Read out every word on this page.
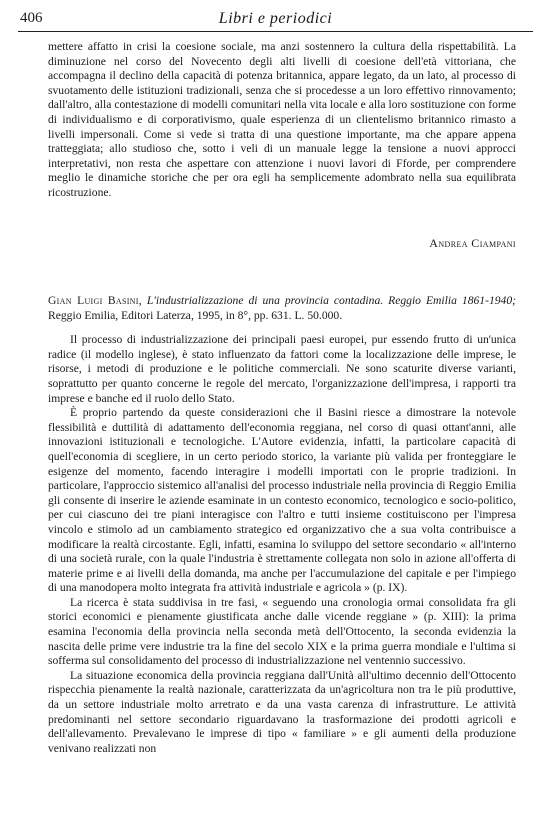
406	Libri e periodici

mettere affatto in crisi la coesione sociale, ma anzi sostennero la cultura della rispettabilità. La diminuzione nel corso del Novecento degli alti livelli di coesione dell'età vittoriana, che accompagna il declino della capacità di potenza britannica, appare legato, da un lato, al processo di svuotamento delle istituzioni tradizionali, senza che si procedesse a un loro effettivo rinnovamento; dall'altro, alla contestazione di modelli comunitari nella vita locale e alla loro sostituzione con forme di individualismo e di corporativismo, quale esperienza di un clientelismo britannico rimasto a livelli impersonali. Come si vede si tratta di una questione importante, ma che appare appena tratteggiata; allo studioso che, sotto i veli di un manuale legge la tensione a nuovi approcci interpretativi, non resta che aspettare con attenzione i nuovi lavori di Fforde, per comprendere meglio le dinamiche storiche che per ora egli ha semplicemente adombrato nella sua equilibrata ricostruzione.

Andrea Ciampani

Gian Luigi Basini, L'industrializzazione di una provincia contadina. Reggio Emilia 1861-1940; Reggio Emilia, Editori Laterza, 1995, in 8°, pp. 631. L. 50.000.

Il processo di industrializzazione dei principali paesi europei, pur essendo frutto di un'unica radice (il modello inglese), è stato influenzato da fattori come la localizzazione delle imprese, le risorse, i metodi di produzione e le politiche commerciali. Ne sono scaturite diverse varianti, soprattutto per quanto concerne le regole del mercato, l'organizzazione dell'impresa, i rapporti tra imprese e banche ed il ruolo dello Stato.

È proprio partendo da queste considerazioni che il Basini riesce a dimostrare la notevole flessibilità e duttilità di adattamento dell'economia reggiana, nel corso di quasi ottant'anni, alle innovazioni istituzionali e tecnologiche. L'Autore evidenzia, infatti, la particolare capacità di quell'economia di scegliere, in un certo periodo storico, la variante più valida per fronteggiare le esigenze del momento, facendo interagire i modelli importati con le proprie tradizioni. In particolare, l'approccio sistemico all'analisi del processo industriale nella provincia di Reggio Emilia gli consente di inserire le aziende esaminate in un contesto economico, tecnologico e socio-politico, per cui ciascuno dei tre piani interagisce con l'altro e tutti insieme costituiscono per l'impresa vincolo e stimolo ad un cambiamento strategico ed organizzativo che a sua volta contribuisce a modificare la realtà circostante. Egli, infatti, esamina lo sviluppo del settore secondario « all'interno di una società rurale, con la quale l'industria è strettamente collegata non solo in azione all'offerta di materie prime e ai livelli della domanda, ma anche per l'accumulazione del capitale e per l'impiego di una manodopera molto integrata fra attività industriale e agricola » (p. IX).

La ricerca è stata suddivisa in tre fasi, « seguendo una cronologia ormai consolidata fra gli storici economici e pienamente giustificata anche dalle vicende reggiane » (p. XIII): la prima esamina l'economia della provincia nella seconda metà dell'Ottocento, la seconda evidenzia la nascita delle prime vere industrie tra la fine del secolo XIX e la prima guerra mondiale e l'ultima si sofferma sul consolidamento del processo di industrializzazione nel ventennio successivo.

La situazione economica della provincia reggiana dall'Unità all'ultimo decennio dell'Ottocento rispecchia pienamente la realtà nazionale, caratterizzata da un'agricoltura non tra le più produttive, da un settore industriale molto arretrato e da una vasta carenza di infrastrutture. Le attività predominanti nel settore secondario riguardavano la trasformazione dei prodotti agricoli e dell'allevamento. Prevalevano le imprese di tipo « familiare » e gli aumenti della produzione venivano realizzati non
